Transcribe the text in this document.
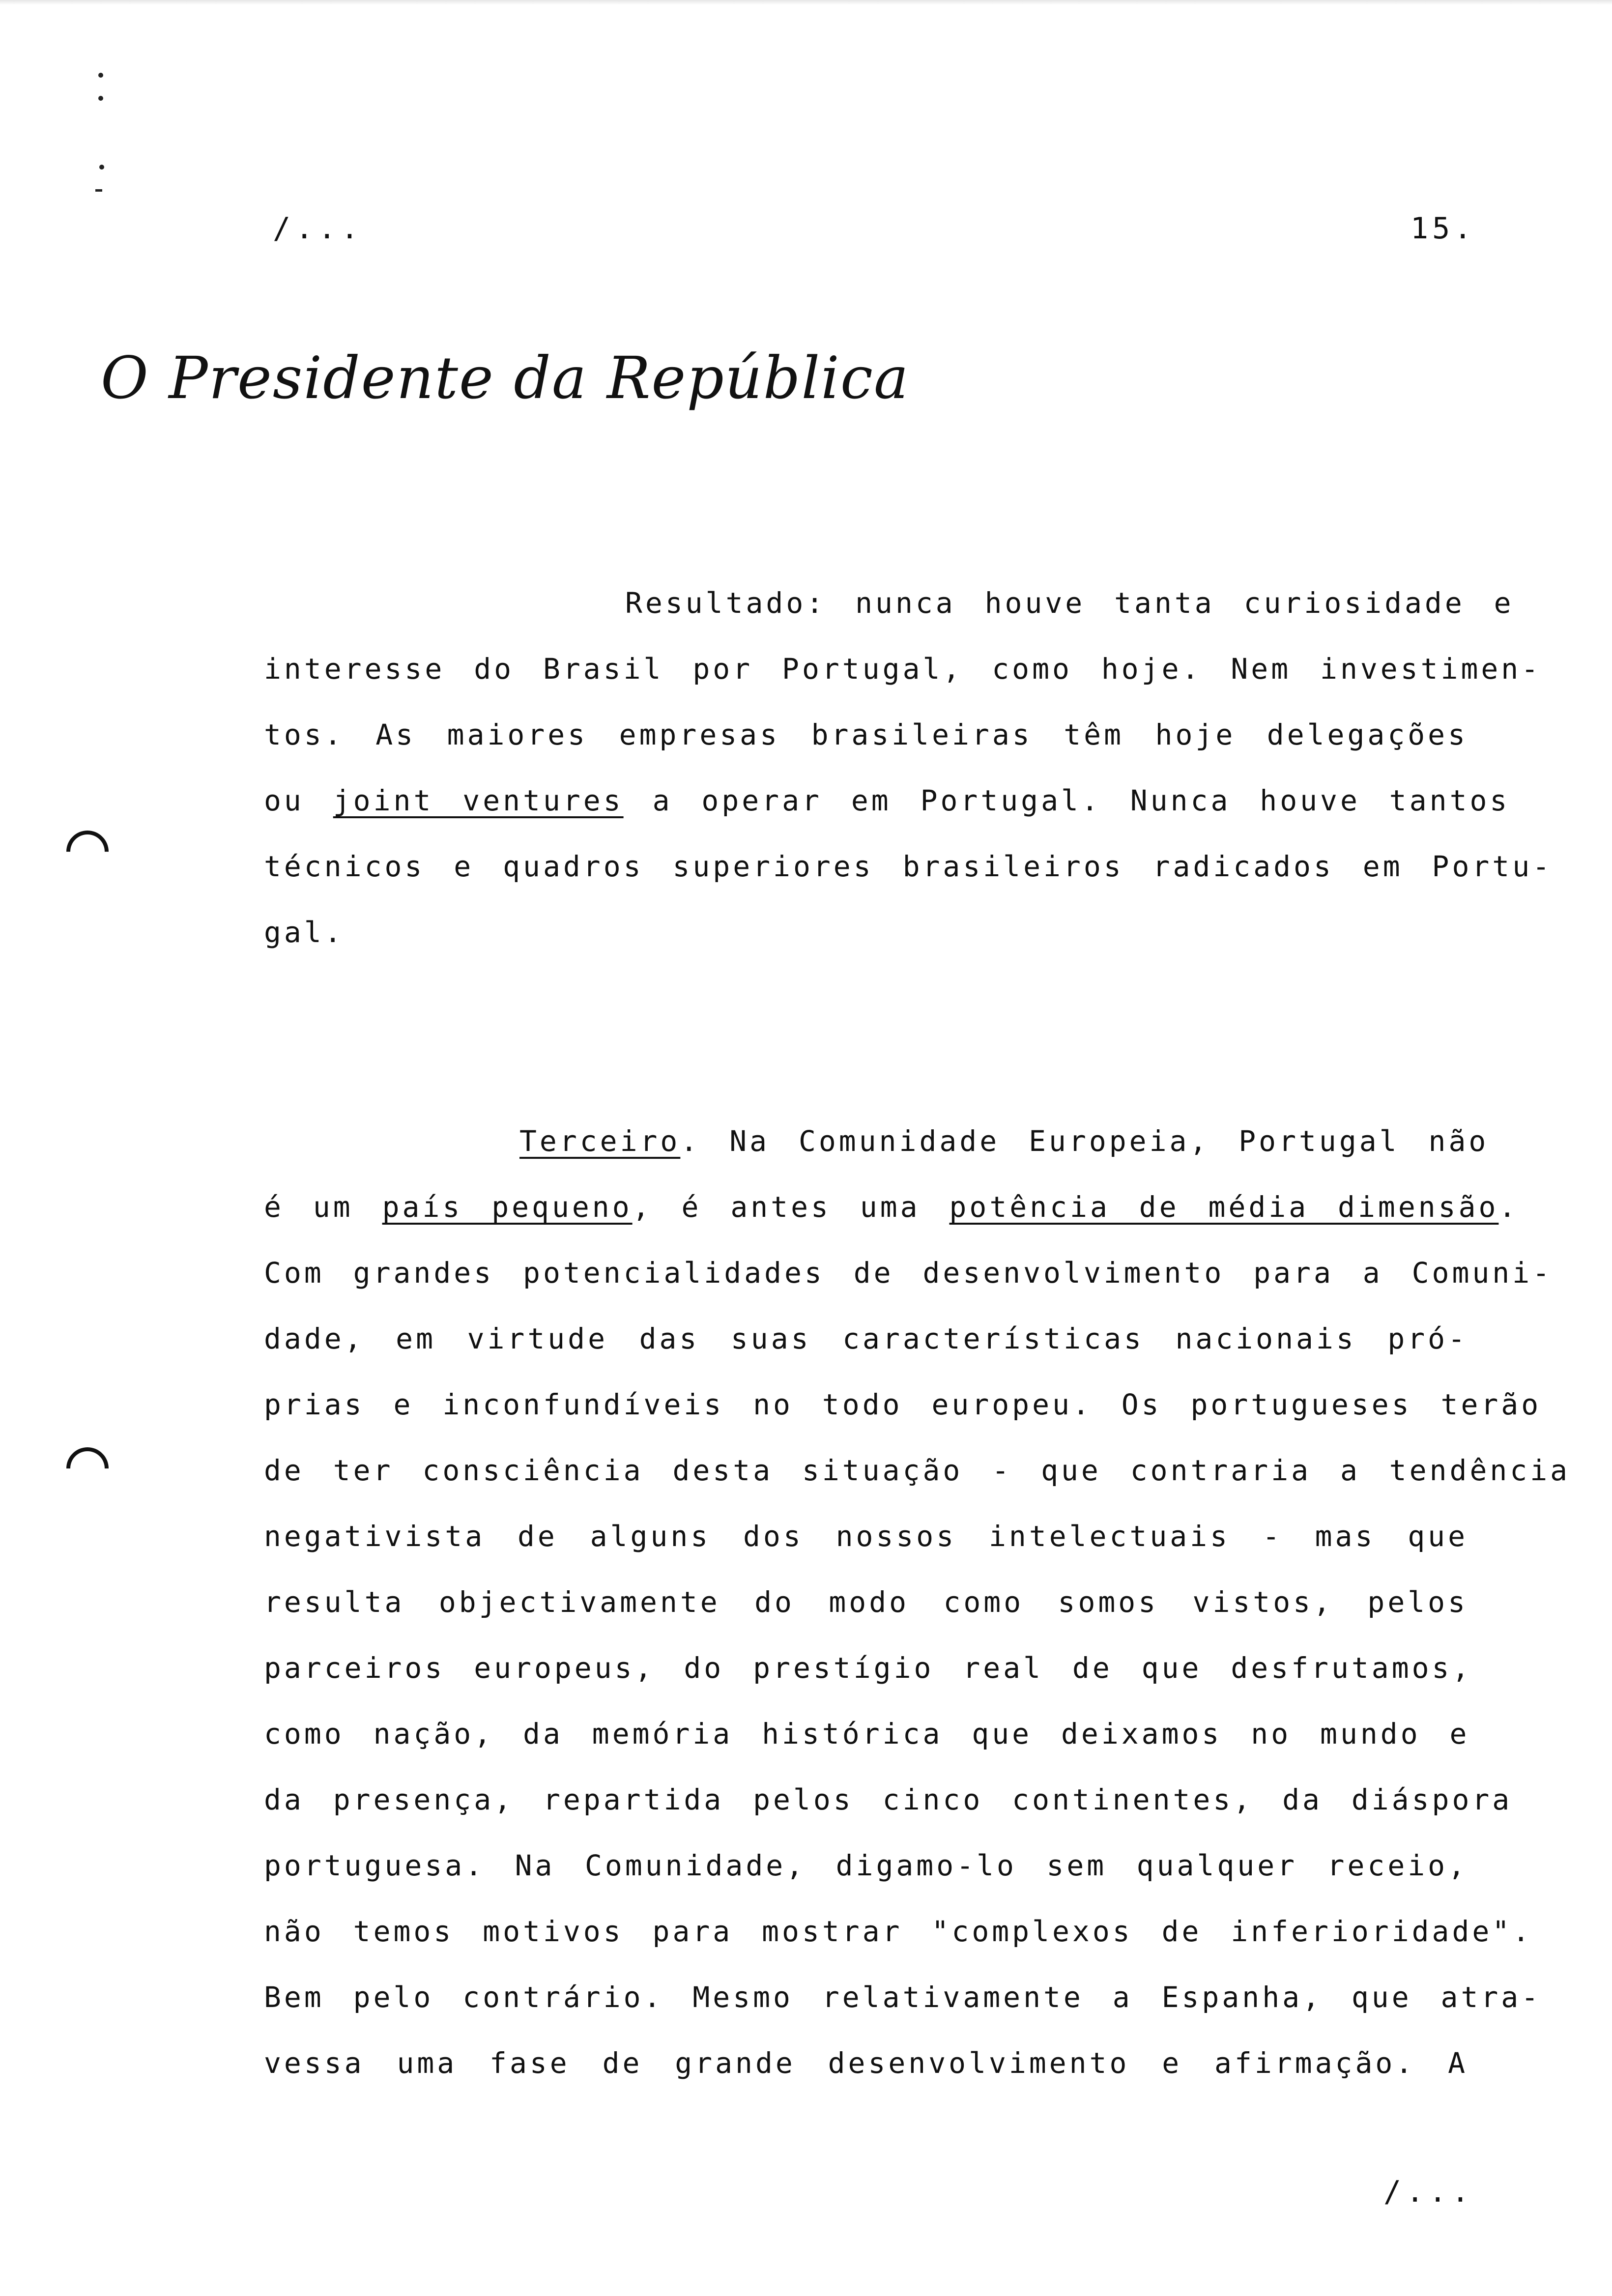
/...	15.
O Presidente da República
Resultado: nunca houve tanta curiosidade e
interesse do Brasil por Portugal, como hoje. Nem investimen-
tos. As maiores empresas brasileiras têm hoje delegações
ou joint ventures a operar em Portugal. Nunca houve tantos
técnicos e quadros superiores brasileiros radicados em Portu-
gal.
Terceiro. Na Comunidade Europeia, Portugal não
é um país pequeno, é antes uma potência de média dimensão.
Com grandes potencialidades de desenvolvimento para a Comuni-
dade, em virtude das suas características nacionais pró-
prias e inconfundíveis no todo europeu. Os portugueses terão
de ter consciência desta situação - que contraria a tendência
negativista de alguns dos nossos intelectuais - mas que
resulta objectivamente do modo como somos vistos, pelos
parceiros europeus, do prestígio real de que desfrutamos,
como nação, da memória histórica que deixamos no mundo e
da presença, repartida pelos cinco continentes, da diáspora
portuguesa. Na Comunidade, digamo-lo sem qualquer receio,
não temos motivos para mostrar "complexos de inferioridade".
Bem pelo contrário. Mesmo relativamente a Espanha, que atra-
vessa uma fase de grande desenvolvimento e afirmação. A
/...
